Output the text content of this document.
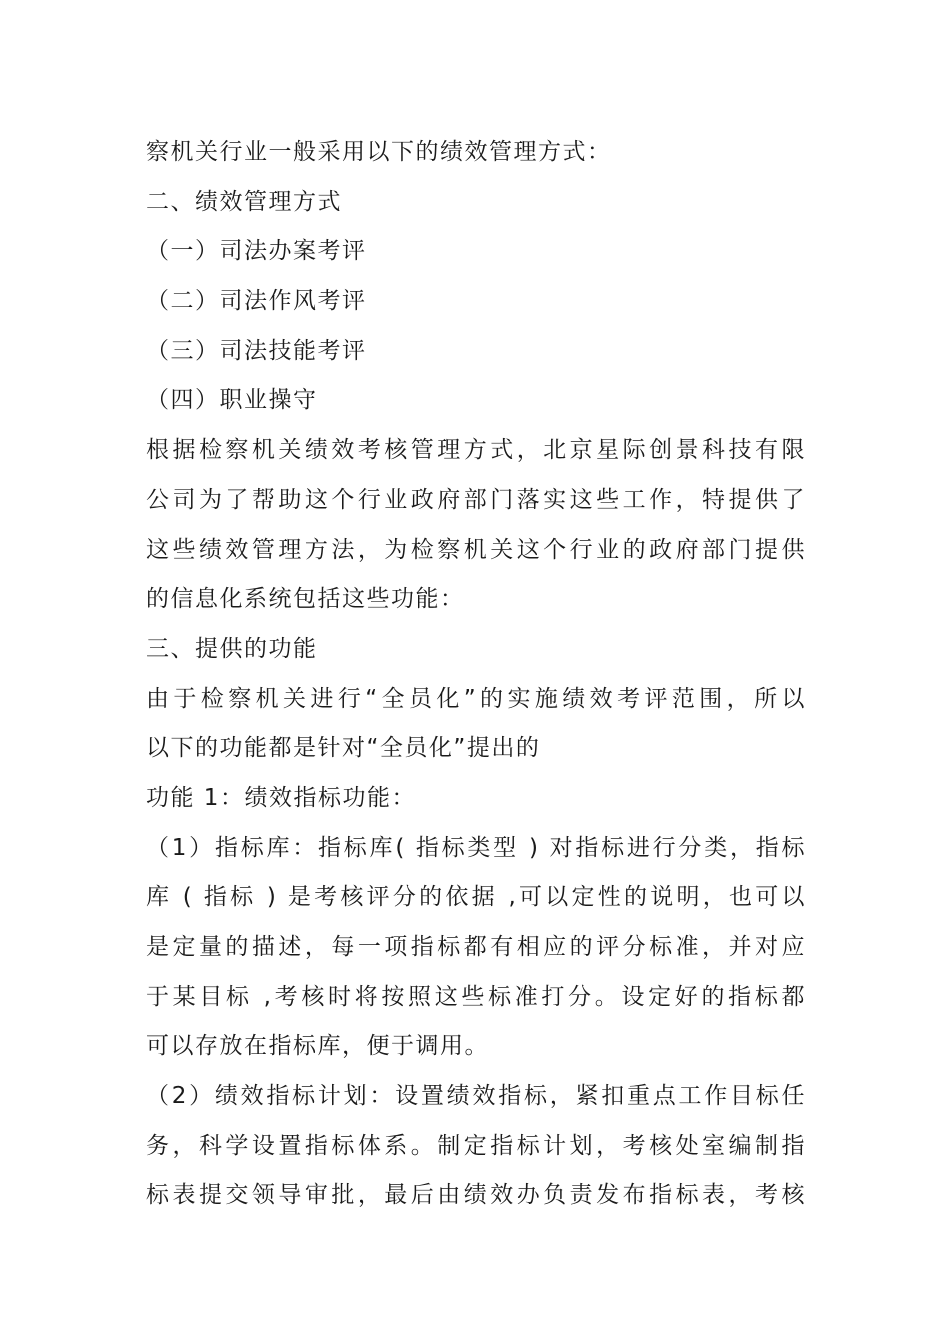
察机关行业一般采用以下的绩效管理方式：
二、绩效管理方式
（一）司法办案考评
（二）司法作风考评
（三）司法技能考评
（四）职业操守
根据检察机关绩效考核管理方式，北京星际创景科技有限
公司为了帮助这个行业政府部门落实这些工作，特提供了
这些绩效管理方法，为检察机关这个行业的政府部门提供
的信息化系统包括这些功能：
三、提供的功能
由于检察机关进行“全员化”的实施绩效考评范围，所以
以下的功能都是针对“全员化”提出的
功能 1：绩效指标功能：
（1）指标库：指标库( 指标类型 ) 对指标进行分类，指标
库 ( 指标 ) 是考核评分的依据 ,可以定性的说明，也可以
是定量的描述，每一项指标都有相应的评分标准，并对应
于某目标 ,考核时将按照这些标准打分。设定好的指标都
可以存放在指标库，便于调用。
（2）绩效指标计划：设置绩效指标，紧扣重点工作目标任
务，科学设置指标体系。制定指标计划，考核处室编制指
标表提交领导审批，最后由绩效办负责发布指标表，考核
